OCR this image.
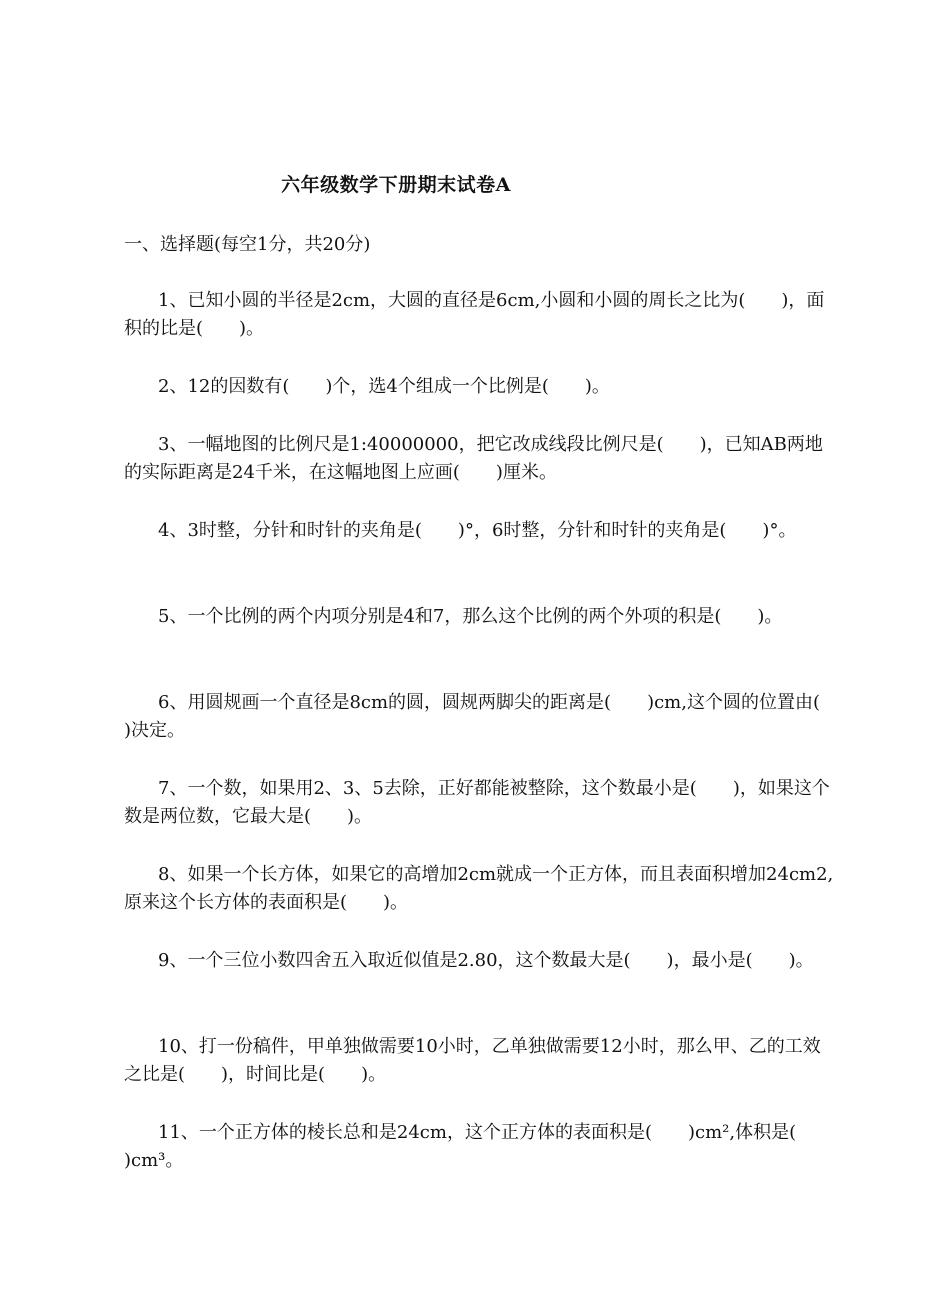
六年级数学下册期末试卷A

一、选择题(每空1分，共20分)

1、已知小圆的半径是2cm，大圆的直径是6cm,小圆和小圆的周长之比为(　　)，面积的比是(　　)。

2、12的因数有(　　)个，选4个组成一个比例是(　　)。

3、一幅地图的比例尺是1:40000000，把它改成线段比例尺是(　　)，已知AB两地的实际距离是24千米，在这幅地图上应画(　　)厘米。

4、3时整，分针和时针的夹角是(　　)°，6时整，分针和时针的夹角是(　　)°。

5、一个比例的两个内项分别是4和7，那么这个比例的两个外项的积是(　　)。

6、用圆规画一个直径是8cm的圆，圆规两脚尖的距离是(　　)cm,这个圆的位置由(　　)决定。

7、一个数，如果用2、3、5去除，正好都能被整除，这个数最小是(　　)，如果这个数是两位数，它最大是(　　)。

8、如果一个长方体，如果它的高增加2cm就成一个正方体，而且表面积增加24cm2,原来这个长方体的表面积是(　　)。

9、一个三位小数四舍五入取近似值是2.80，这个数最大是(　　)，最小是(　　)。

10、打一份稿件，甲单独做需要10小时，乙单独做需要12小时，那么甲、乙的工效之比是(　　)，时间比是(　　)。

11、一个正方体的棱长总和是24cm，这个正方体的表面积是(　　)cm²,体积是(　　)cm³。
